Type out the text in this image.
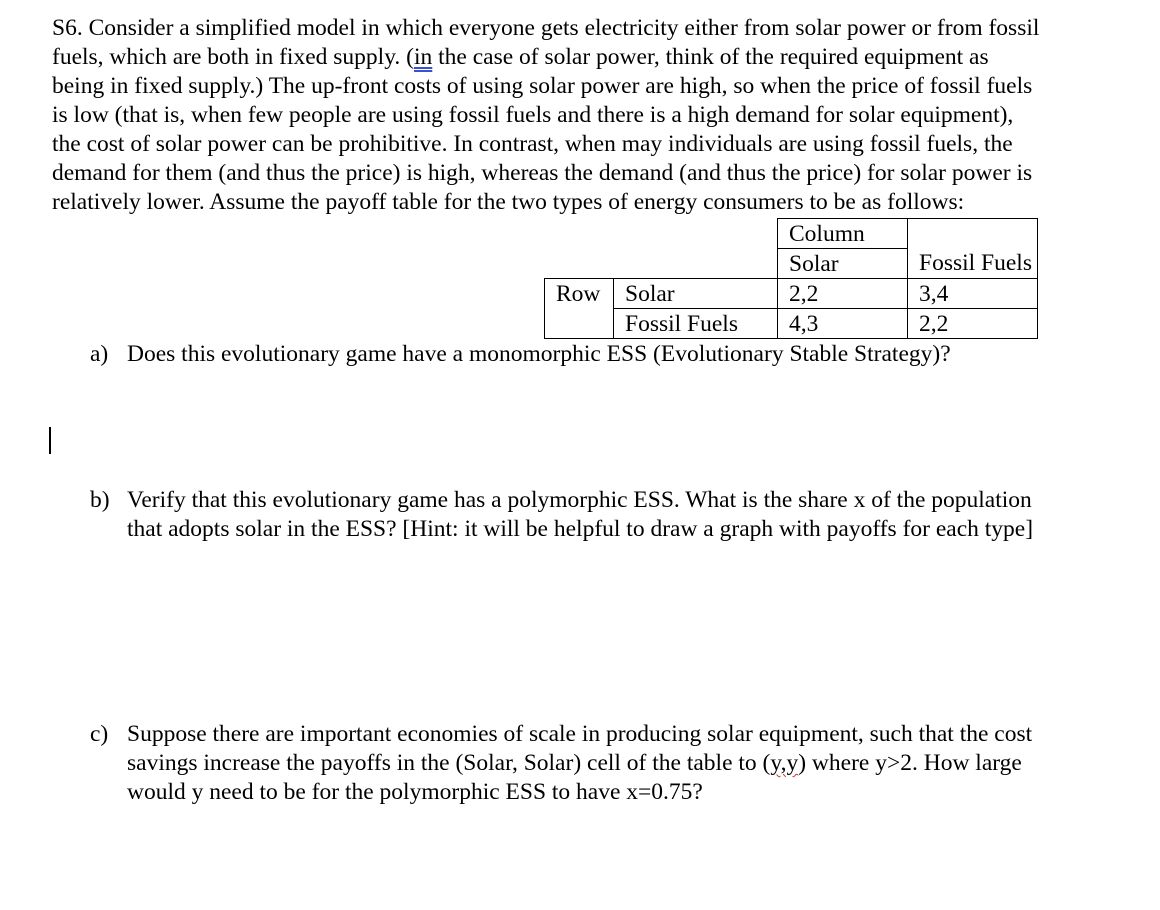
S6. Consider a simplified model in which everyone gets electricity either from solar power or from fossil
fuels, which are both in fixed supply. (in the case of solar power, think of the required equipment as
being in fixed supply.) The up-front costs of using solar power are high, so when the price of fossil fuels
is low (that is, when few people are using fossil fuels and there is a high demand for solar equipment),
the cost of solar power can be prohibitive. In contrast, when may individuals are using fossil fuels, the
demand for them (and thus the price) is high, whereas the demand (and thus the price) for solar power is
relatively lower. Assume the payoff table for the two types of energy consumers to be as follows:
		Column	
		Solar	Fossil Fuels
Row	Solar	2,2	3,4
	Fossil Fuels	4,3	2,2
a) Does this evolutionary game have a monomorphic ESS (Evolutionary Stable Strategy)?
b) Verify that this evolutionary game has a polymorphic ESS. What is the share x of the population
that adopts solar in the ESS? [Hint: it will be helpful to draw a graph with payoffs for each type]
c) Suppose there are important economies of scale in producing solar equipment, such that the cost
savings increase the payoffs in the (Solar, Solar) cell of the table to (y,y) where y>2. How large
would y need to be for the polymorphic ESS to have x=0.75?
